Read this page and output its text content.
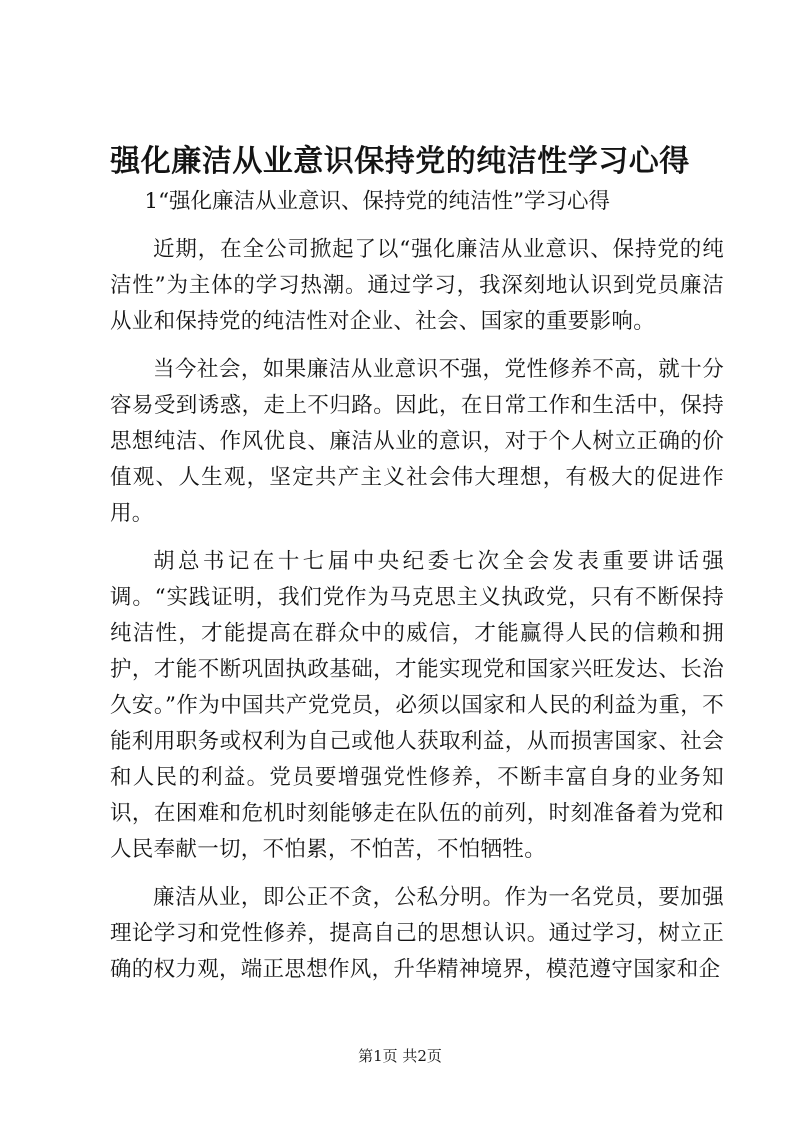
强化廉洁从业意识保持党的纯洁性学习心得

1“强化廉洁从业意识、保持党的纯洁性”学习心得

近期，在全公司掀起了以“强化廉洁从业意识、保持党的纯洁性”为主体的学习热潮。通过学习，我深刻地认识到党员廉洁从业和保持党的纯洁性对企业、社会、国家的重要影响。

当今社会，如果廉洁从业意识不强，党性修养不高，就十分容易受到诱惑，走上不归路。因此，在日常工作和生活中，保持思想纯洁、作风优良、廉洁从业的意识，对于个人树立正确的价值观、人生观，坚定共产主义社会伟大理想，有极大的促进作用。

胡总书记在十七届中央纪委七次全会发表重要讲话强调。“实践证明，我们党作为马克思主义执政党，只有不断保持纯洁性，才能提高在群众中的威信，才能赢得人民的信赖和拥护，才能不断巩固执政基础，才能实现党和国家兴旺发达、长治久安。”作为中国共产党党员，必须以国家和人民的利益为重，不能利用职务或权利为自己或他人获取利益，从而损害国家、社会和人民的利益。党员要增强党性修养，不断丰富自身的业务知识，在困难和危机时刻能够走在队伍的前列，时刻准备着为党和人民奉献一切，不怕累，不怕苦，不怕牺牲。

廉洁从业，即公正不贪，公私分明。作为一名党员，要加强理论学习和党性修养，提高自己的思想认识。通过学习，树立正确的权力观，端正思想作风，升华精神境界，模范遵守国家和企

第1页 共2页
